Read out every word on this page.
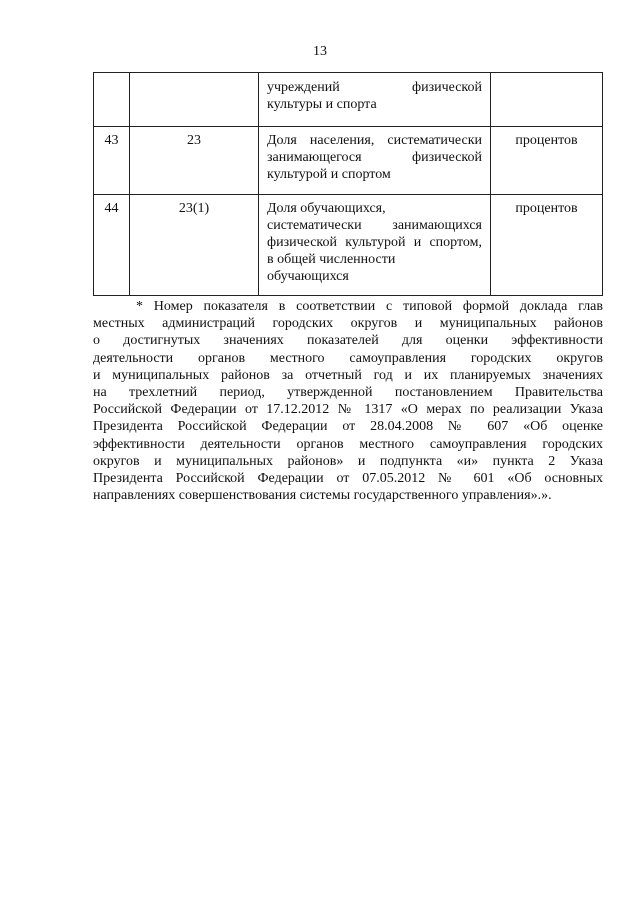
13

		учреждений физической
культуры и спорта	

43	23	Доля населения, систематически
занимающегося физической
культурой и спортом	процентов
44	23(1)	Доля обучающихся,
систематически занимающихся
физической культурой и спортом,
в общей численности
обучающихся	процентов
* Номер показателя в соответствии с типовой формой доклада глав
местных администраций городских округов и муниципальных районов
о достигнутых значениях показателей для оценки эффективности
деятельности органов местного самоуправления городских округов
и муниципальных районов за отчетный год и их планируемых значениях
на трехлетний период, утвержденной постановлением Правительства
Российской Федерации от 17.12.2012 № 1317 «О мерах по реализации Указа
Президента Российской Федерации от 28.04.2008 № 607 «Об оценке
эффективности деятельности органов местного самоуправления городских
округов и муниципальных районов» и подпункта «и» пункта 2 Указа
Президента Российской Федерации от 07.05.2012 № 601 «Об основных
направлениях совершенствования системы государственного управления».».
